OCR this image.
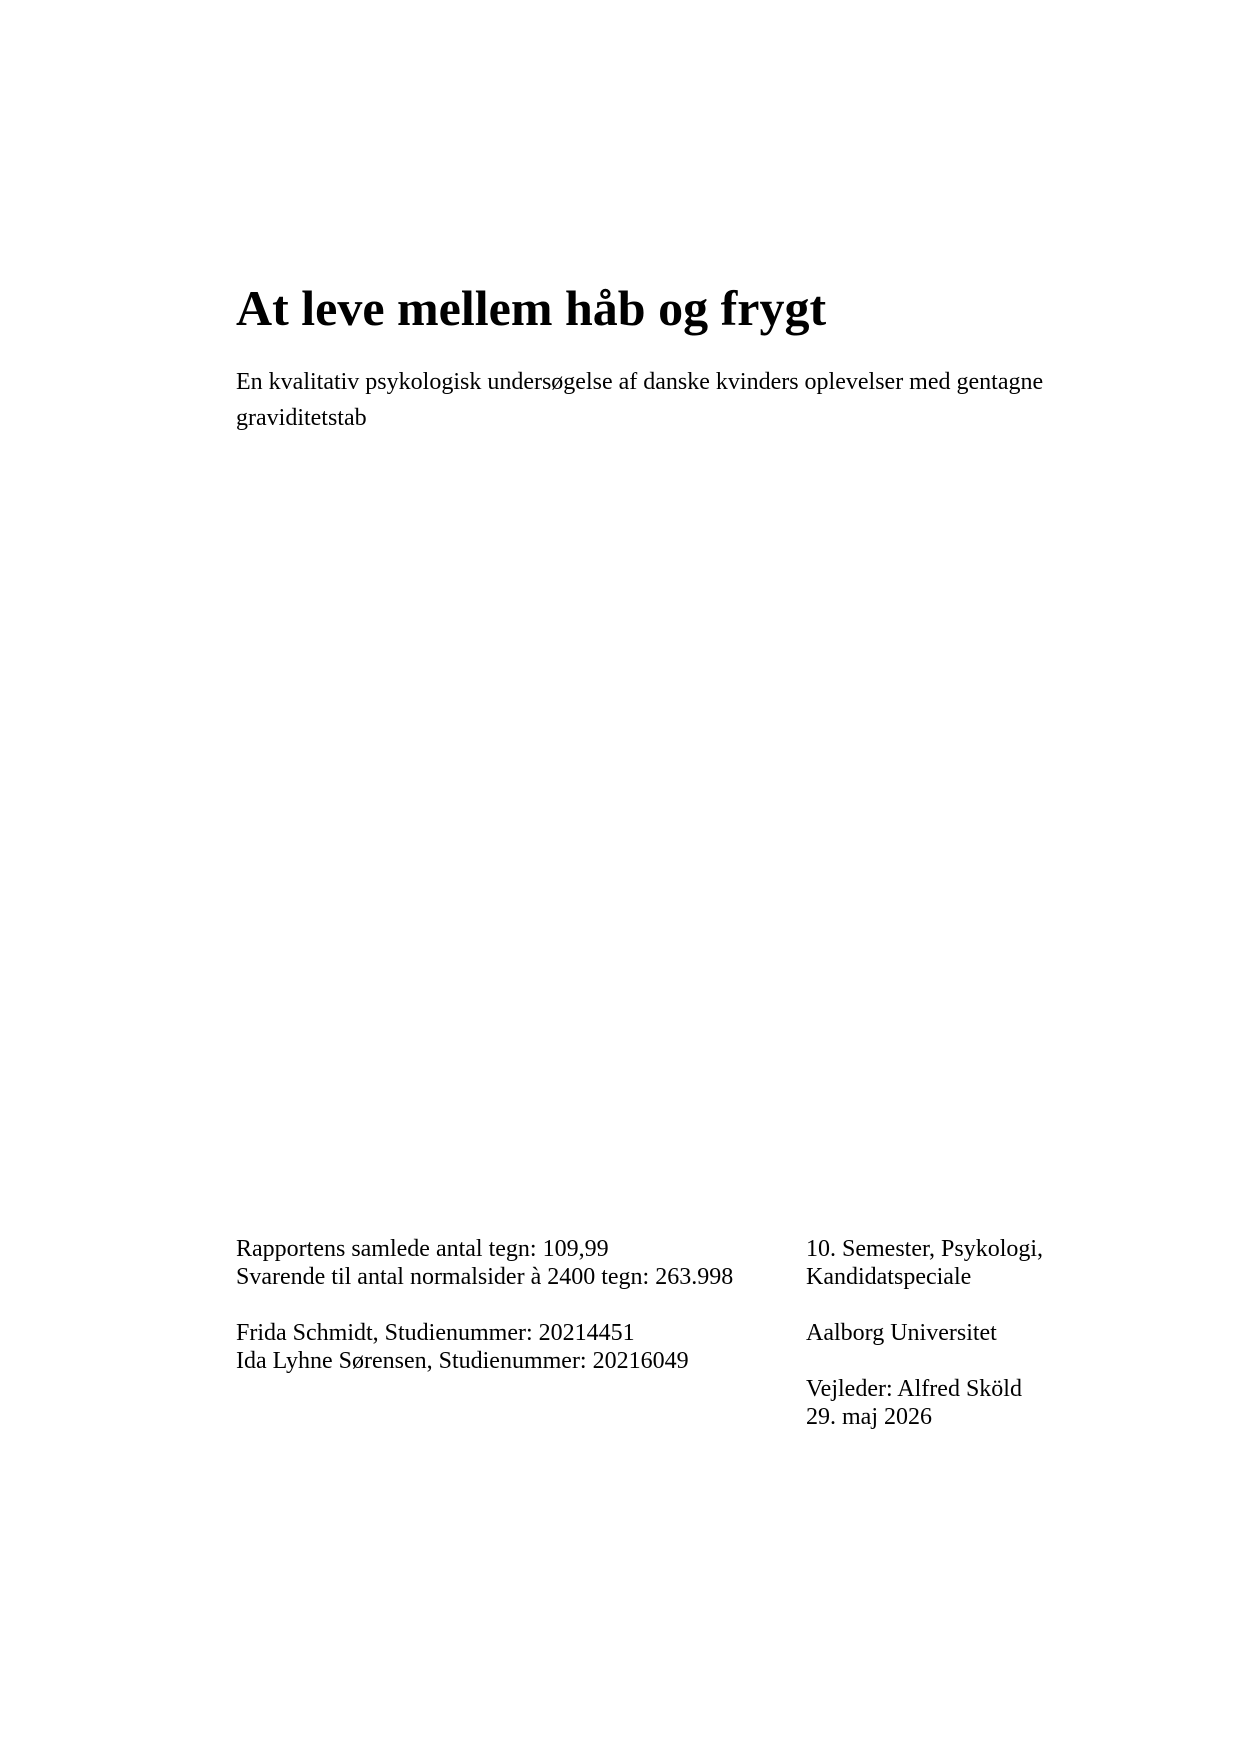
At leve mellem håb og frygt

En kvalitativ psykologisk undersøgelse af danske kvinders oplevelser med gentagne graviditetstab

Rapportens samlede antal tegn: 109,99
Svarende til antal normalsider à 2400 tegn: 263.998
Frida Schmidt, Studienummer: 20214451
Ida Lyhne Sørensen, Studienummer: 20216049
10. Semester, Psykologi,
Kandidatspeciale
Aalborg Universitet
Vejleder: Alfred Sköld
29. maj 2026
